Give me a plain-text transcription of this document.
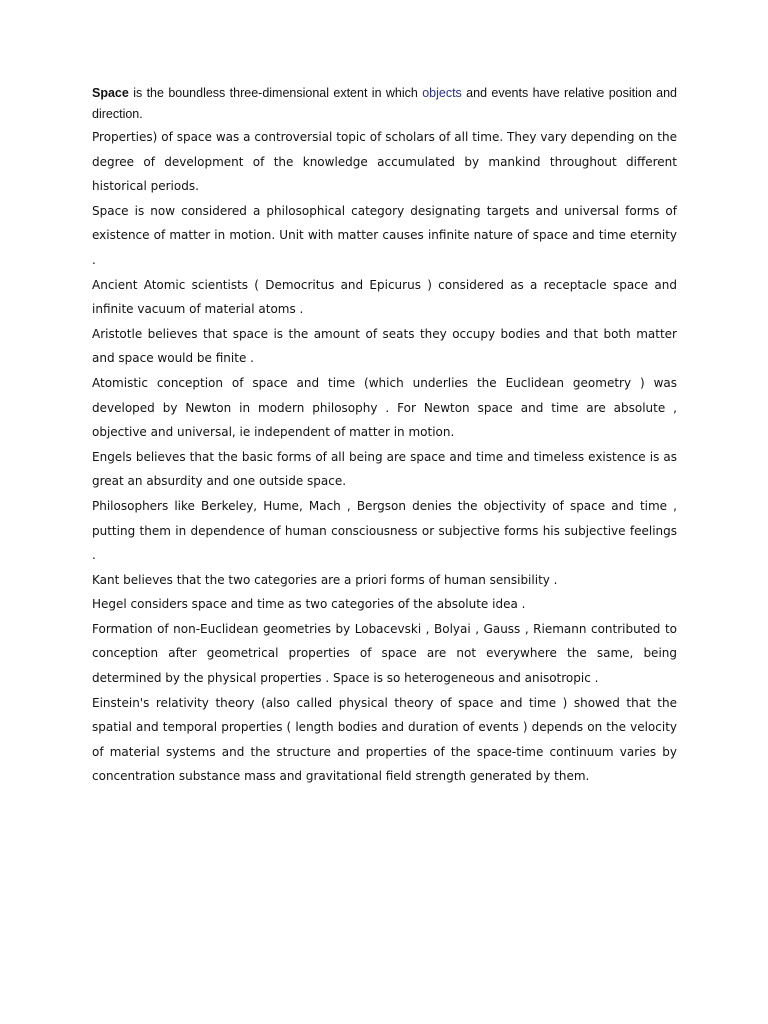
Space is the boundless three-dimensional extent in which objects and events have relative position and direction.

Properties) of space was a controversial topic of scholars of all time. They vary depending on the degree of development of the knowledge accumulated by mankind throughout different historical periods.

Space is now considered a philosophical category designating targets and universal forms of existence of matter in motion. Unit with matter causes infinite nature of space and time eternity .

Ancient Atomic scientists ( Democritus and Epicurus ) considered as a receptacle space and infinite vacuum of material atoms .

Aristotle believes that space is the amount of seats they occupy bodies and that both matter and space would be finite .

Atomistic conception of space and time (which underlies the Euclidean geometry ) was developed by Newton in modern philosophy . For Newton space and time are absolute , objective and universal, ie independent of matter in motion.

Engels believes that the basic forms of all being are space and time and timeless existence is as great an absurdity and one outside space.

Philosophers like Berkeley, Hume, Mach , Bergson denies the objectivity of space and time , putting them in dependence of human consciousness or subjective forms his subjective feelings .

Kant believes that the two categories are a priori forms of human sensibility .

Hegel considers space and time as two categories of the absolute idea .

Formation of non-Euclidean geometries by Lobacevski , Bolyai , Gauss , Riemann contributed to conception after geometrical properties of space are not everywhere the same, being determined by the physical properties . Space is so heterogeneous and anisotropic .

Einstein's relativity theory (also called physical theory of space and time ) showed that the spatial and temporal properties ( length bodies and duration of events ) depends on the velocity of material systems and the structure and properties of the space-time continuum varies by concentration substance mass and gravitational field strength generated by them.
